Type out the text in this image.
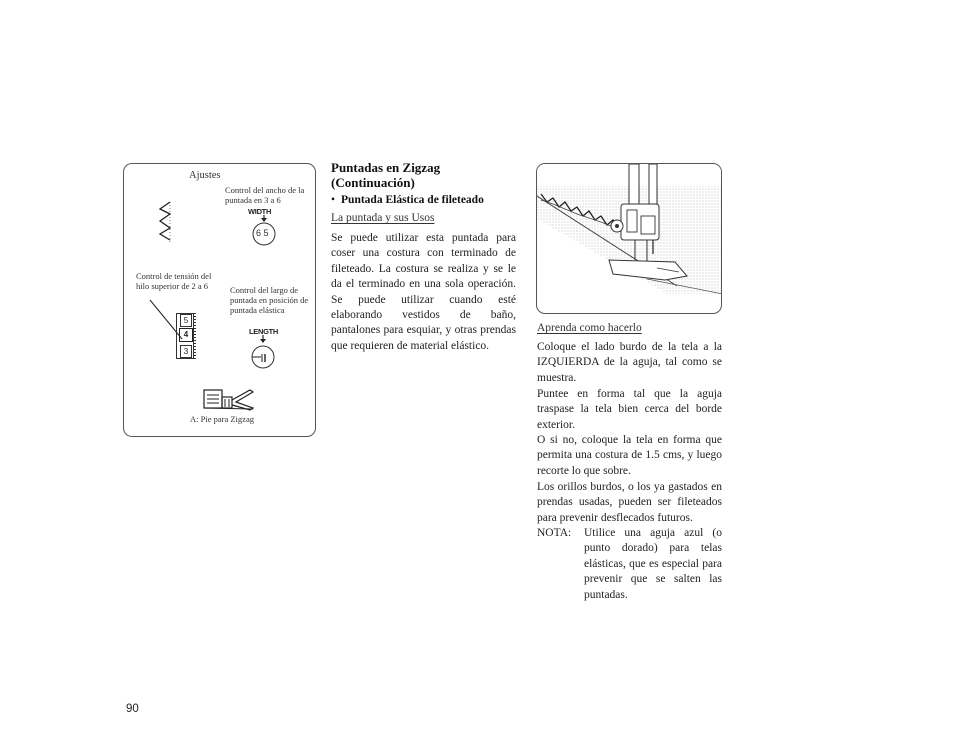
90
Ajustes
Control del ancho de la puntada en 3 a 6
WIDTH
6 5
Control de tensión del hilo superior de 2 a 6
5
4
3
Control del largo de puntada en posición de puntada elástica
LENGTH
A: Pie para Zigzag
Puntadas en Zigzag
(Continuación)
• Puntada Elástica de fileteado
La puntada y sus Usos
Se puede utilizar esta puntada para coser una costura con terminado de fileteado. La costura se realiza y se le da el terminado en una sola operación. Se puede utilizar cuando esté elaborando vestidos de baño, pantalones para esquiar, y otras prendas que requieren de material elástico.
Aprenda como hacerlo
Coloque el lado burdo de la tela a la IZQUIERDA de la aguja, tal como se muestra.
Puntee en forma tal que la aguja traspase la tela bien cerca del borde exterior.
O si no, coloque la tela en forma que permita una costura de 1.5 cms, y luego recorte lo que sobre.
Los orillos burdos, o los ya gastados en prendas usadas, pueden ser fileteados para prevenir desflecados futuros.
NOTA: Utilice una aguja azul (o punto dorado) para telas elásticas, que es especial para prevenir que se salten las puntadas.
